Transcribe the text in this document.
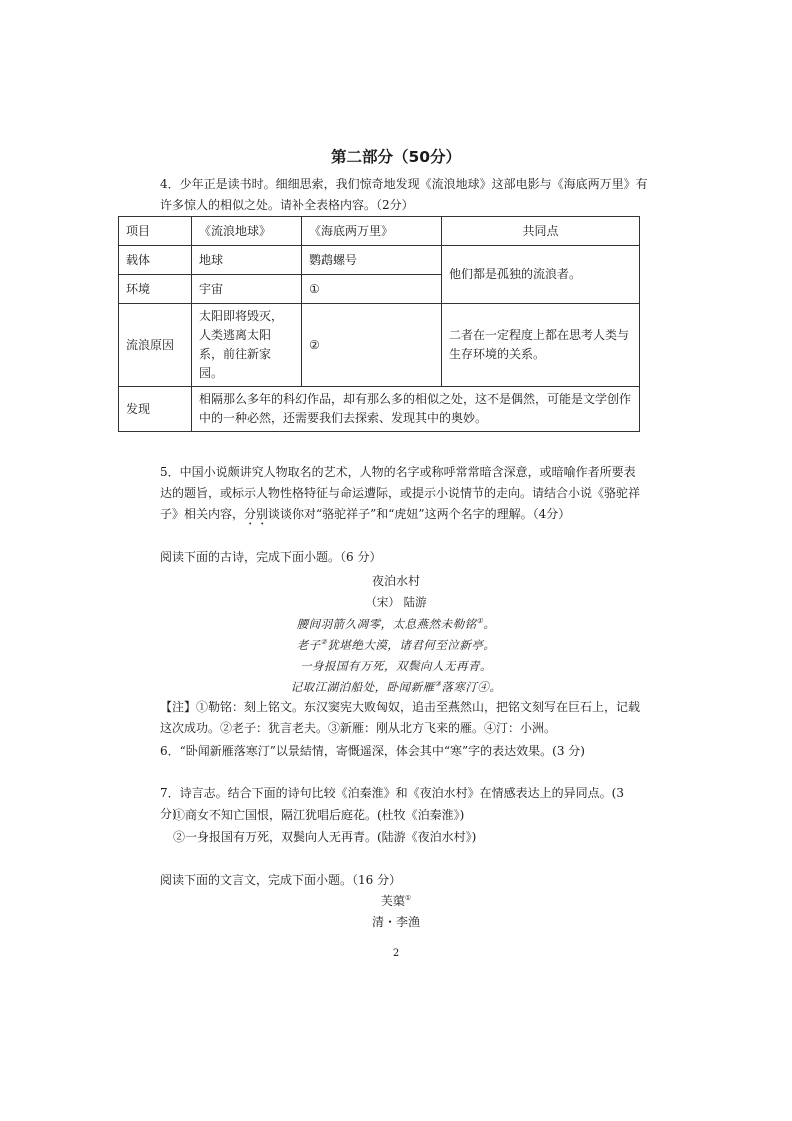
第二部分（50分）
4．少年正是读书时。细细思索，我们惊奇地发现《流浪地球》这部电影与《海底两万里》有许多惊人的相似之处。请补全表格内容。（2分）
项目	《流浪地球》	《海底两万里》	共同点
载体	地球	鹦鹉螺号	他们都是孤独的流浪者。
环境	宇宙	①	
流浪原因	太阳即将毁灭，人类逃离太阳系，前往新家园。	②	二者在一定程度上都在思考人类与生存环境的关系。
发现	相隔那么多年的科幻作品，却有那么多的相似之处，这不是偶然，可能是文学创作中的一种必然，还需要我们去探索、发现其中的奥妙。		
5．中国小说颇讲究人物取名的艺术，人物的名字或称呼常常暗含深意，或暗喻作者所要表达的题旨，或标示人物性格特征与命运遭际，或提示小说情节的走向。请结合小说《骆驼祥子》相关内容，分别谈谈你对“骆驼祥子”和“虎妞”这两个名字的理解。（4分）
阅读下面的古诗，完成下面小题。（6 分）
夜泊水村
（宋） 陆游
腰间羽箭久凋零，太息燕然未勒铭①。
老子②犹堪绝大漠，诸君何至泣新亭。
一身报国有万死，双鬓向人无再青。
记取江湖泊船处，卧闻新雁③落寒汀④。
【注】①勒铭：刻上铭文。东汉窦宪大败匈奴，追击至燕然山，把铭文刻写在巨石上，记载这次成功。②老子：犹言老夫。③新雁：刚从北方飞来的雁。④汀：小洲。
6．“卧闻新雁落寒汀”以景結情，寄慨遥深，体会其中“寒”字的表达效果。(3 分)
7．诗言志。结合下面的诗句比较《泊秦淮》和《夜泊水村》在情感表达上的异同点。(3 分)
①商女不知亡国恨，隔江犹唱后庭花。(杜牧《泊秦淮》)
②一身报国有万死，双鬓向人无再青。(陆游《夜泊水村》)
阅读下面的文言文，完成下面小题。（16 分）
芙蕖①
清・李渔
2
